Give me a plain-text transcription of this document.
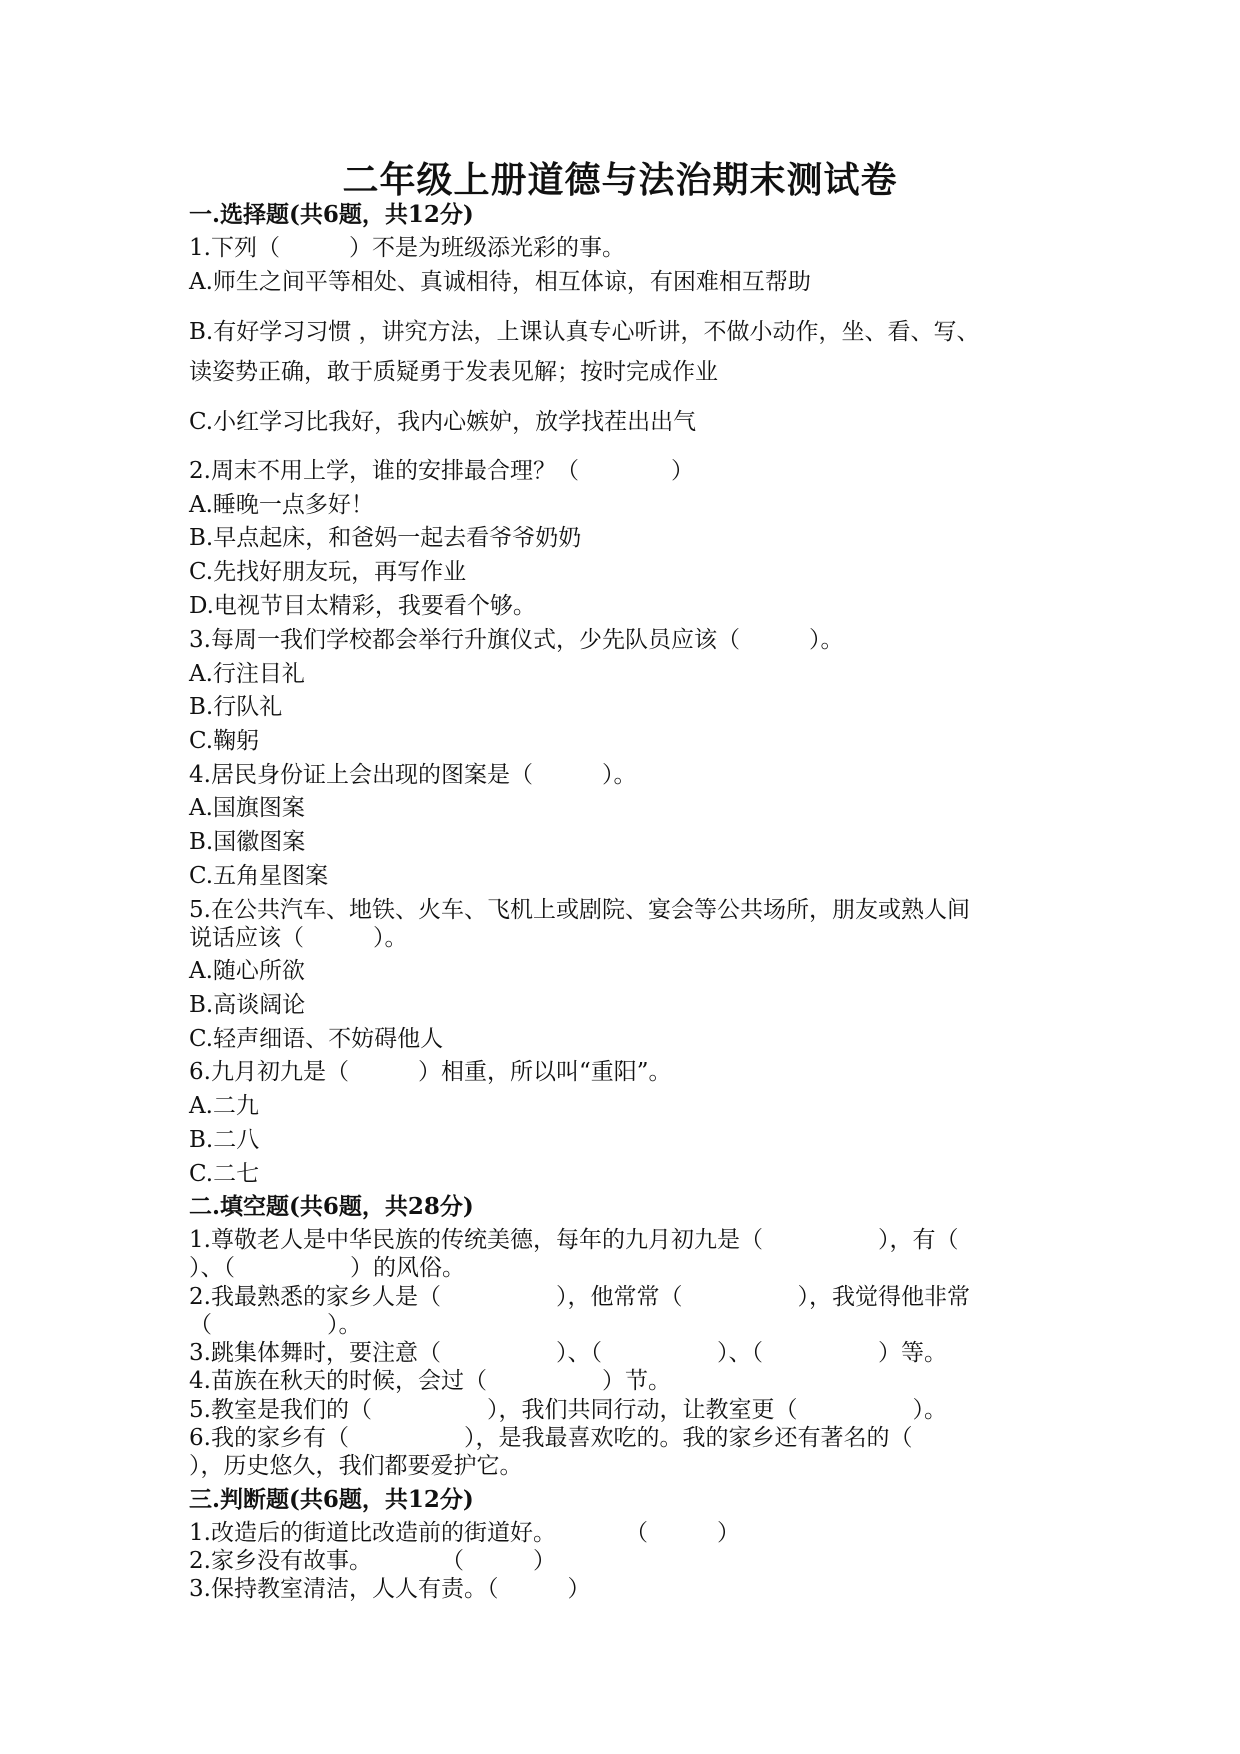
二年级上册道德与法治期末测试卷
一.选择题(共6题，共12分)
1.下列（　　　）不是为班级添光彩的事。
A.师生之间平等相处、真诚相待，相互体谅，有困难相互帮助
B.有好学习习惯 ，讲究方法，上课认真专心听讲，不做小动作，坐、看、写、
读姿势正确，敢于质疑勇于发表见解；按时完成作业
C.小红学习比我好，我内心嫉妒，放学找茬出出气
2.周末不用上学，谁的安排最合理？（　　　　）
A.睡晚一点多好！
B.早点起床，和爸妈一起去看爷爷奶奶
C.先找好朋友玩，再写作业
D.电视节目太精彩，我要看个够。
3.每周一我们学校都会举行升旗仪式，少先队员应该（　　　）。
A.行注目礼
B.行队礼
C.鞠躬
4.居民身份证上会出现的图案是（　　　）。
A.国旗图案
B.国徽图案
C.五角星图案
5.在公共汽车、地铁、火车、飞机上或剧院、宴会等公共场所，朋友或熟人间
说话应该（　　　）。
A.随心所欲
B.高谈阔论
C.轻声细语、不妨碍他人
6.九月初九是（　　　）相重，所以叫“重阳”。
A.二九
B.二八
C.二七
二.填空题(共6题，共28分)
1.尊敬老人是中华民族的传统美德，每年的九月初九是（　　　　　），有（
）、（　　　　　）的风俗。
2.我最熟悉的家乡人是（　　　　　），他常常（　　　　　），我觉得他非常
（　　　　　）。
3.跳集体舞时，要注意（　　　　　）、（　　　　　）、（　　　　　）等。
4.苗族在秋天的时候，会过（　　　　　）节。
5.教室是我们的（　　　　　），我们共同行动，让教室更（　　　　　）。
6.我的家乡有（　　　　　），是我最喜欢吃的。我的家乡还有著名的（
），历史悠久，我们都要爱护它。
三.判断题(共6题，共12分)
1.改造后的街道比改造前的街道好。　　　　（　　　）
2.家乡没有故事。　　　　（　　　）
3.保持教室清洁，人人有责。（　　　）
